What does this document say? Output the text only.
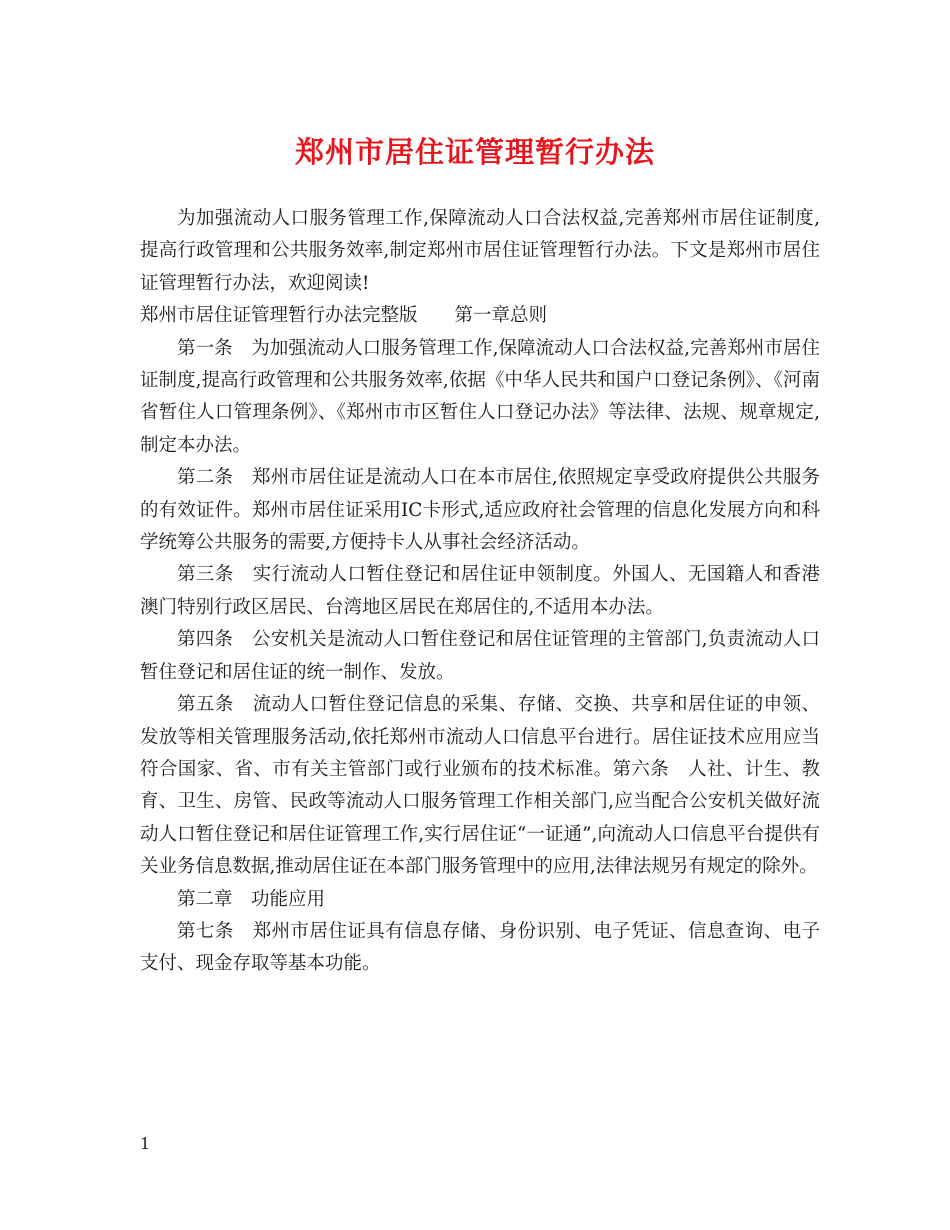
郑州市居住证管理暂行办法

为加强流动人口服务管理工作,保障流动人口合法权益,完善郑州市居住证制度,提高行政管理和公共服务效率,制定郑州市居住证管理暂行办法。下文是郑州市居住证管理暂行办法，欢迎阅读!

郑州市居住证管理暂行办法完整版　　第一章总则

第一条　为加强流动人口服务管理工作,保障流动人口合法权益,完善郑州市居住证制度,提高行政管理和公共服务效率,依据《中华人民共和国户口登记条例》、《河南省暂住人口管理条例》、《郑州市市区暂住人口登记办法》等法律、法规、规章规定,制定本办法。

第二条　郑州市居住证是流动人口在本市居住,依照规定享受政府提供公共服务的有效证件。郑州市居住证采用IC卡形式,适应政府社会管理的信息化发展方向和科学统筹公共服务的需要,方便持卡人从事社会经济活动。

第三条　实行流动人口暂住登记和居住证申领制度。外国人、无国籍人和香港澳门特别行政区居民、台湾地区居民在郑居住的,不适用本办法。

第四条　公安机关是流动人口暂住登记和居住证管理的主管部门,负责流动人口暂住登记和居住证的统一制作、发放。

第五条　流动人口暂住登记信息的采集、存储、交换、共享和居住证的申领、发放等相关管理服务活动,依托郑州市流动人口信息平台进行。居住证技术应用应当符合国家、省、市有关主管部门或行业颁布的技术标准。第六条　人社、计生、教育、卫生、房管、民政等流动人口服务管理工作相关部门,应当配合公安机关做好流动人口暂住登记和居住证管理工作,实行居住证“一证通”,向流动人口信息平台提供有关业务信息数据,推动居住证在本部门服务管理中的应用,法律法规另有规定的除外。

第二章　功能应用

第七条　郑州市居住证具有信息存储、身份识别、电子凭证、信息查询、电子支付、现金存取等基本功能。

1
